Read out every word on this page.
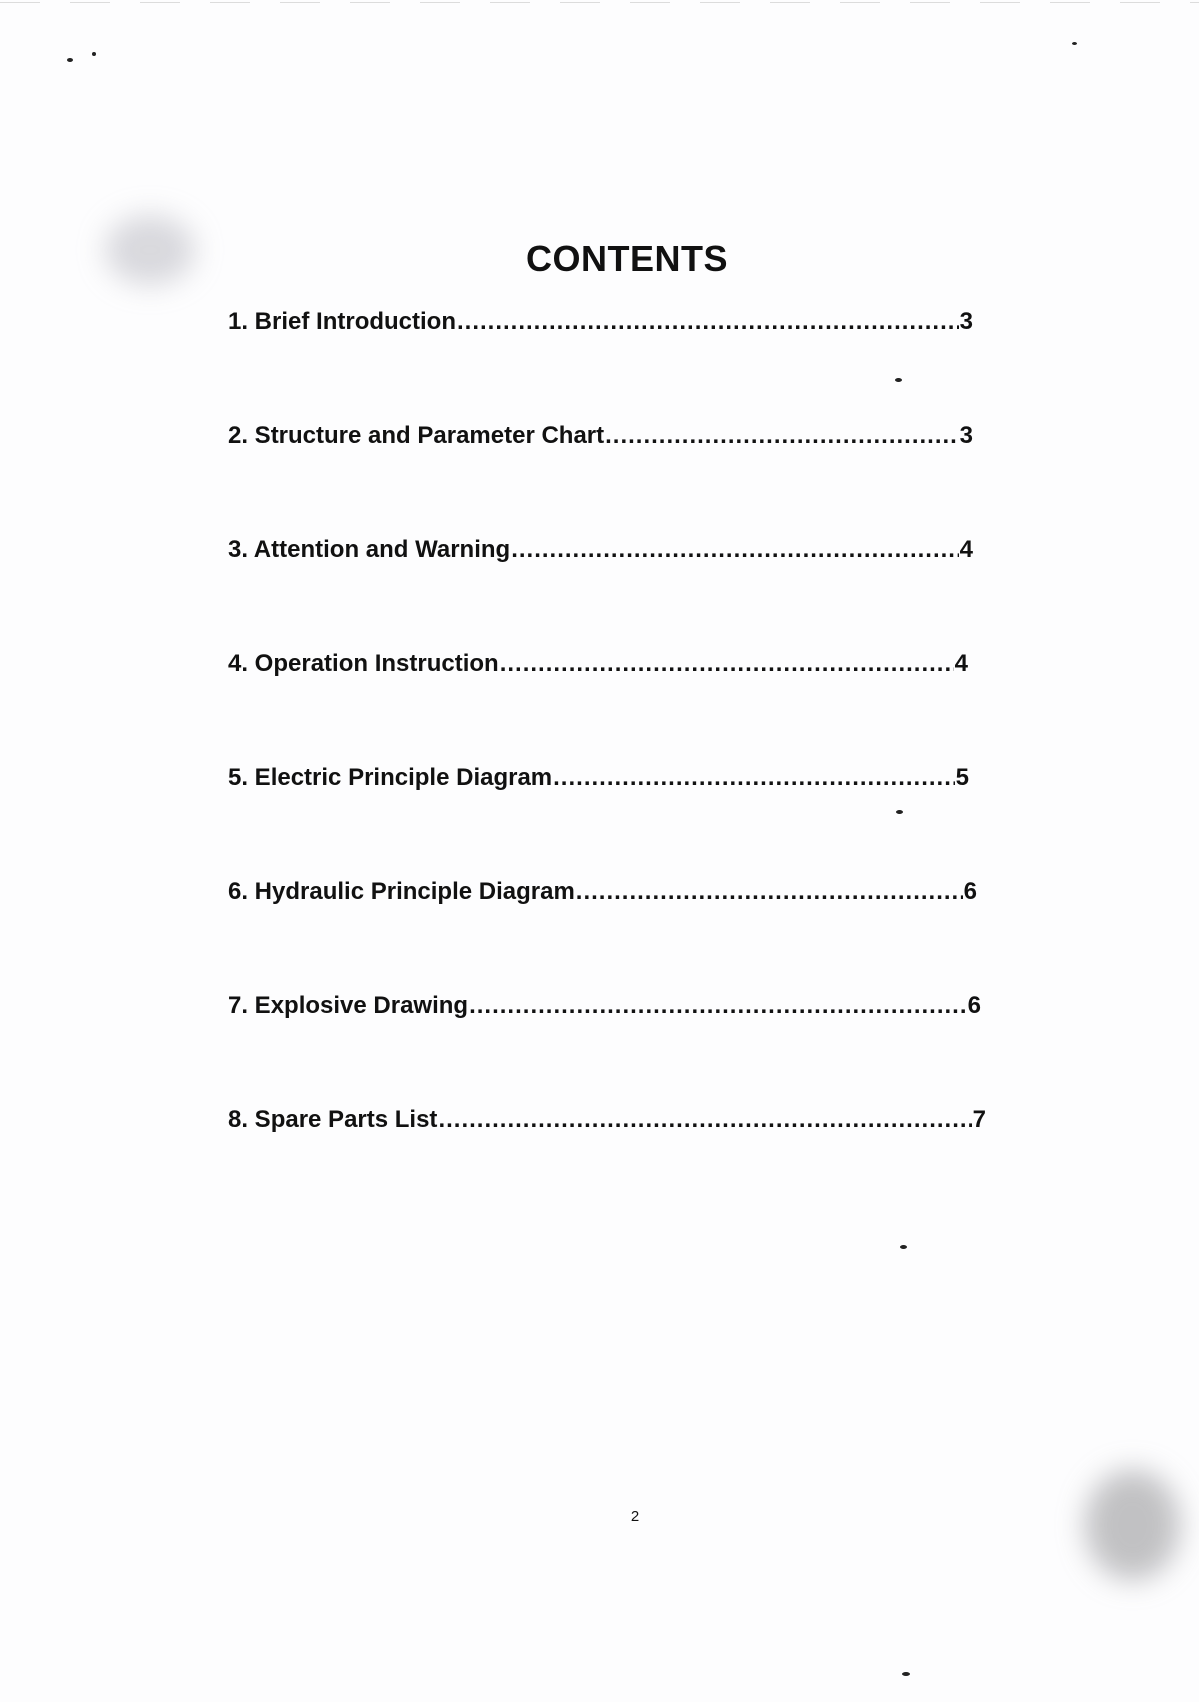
CONTENTS
1. Brief Introduction .....	3
2. Structure and Parameter Chart .....	3
3. Attention and Warning .....	4
4. Operation Instruction .....	4
5. Electric Principle Diagram .....	5
6. Hydraulic Principle Diagram .....	6
7. Explosive Drawing .....	6
8. Spare Parts List .....	7
2
